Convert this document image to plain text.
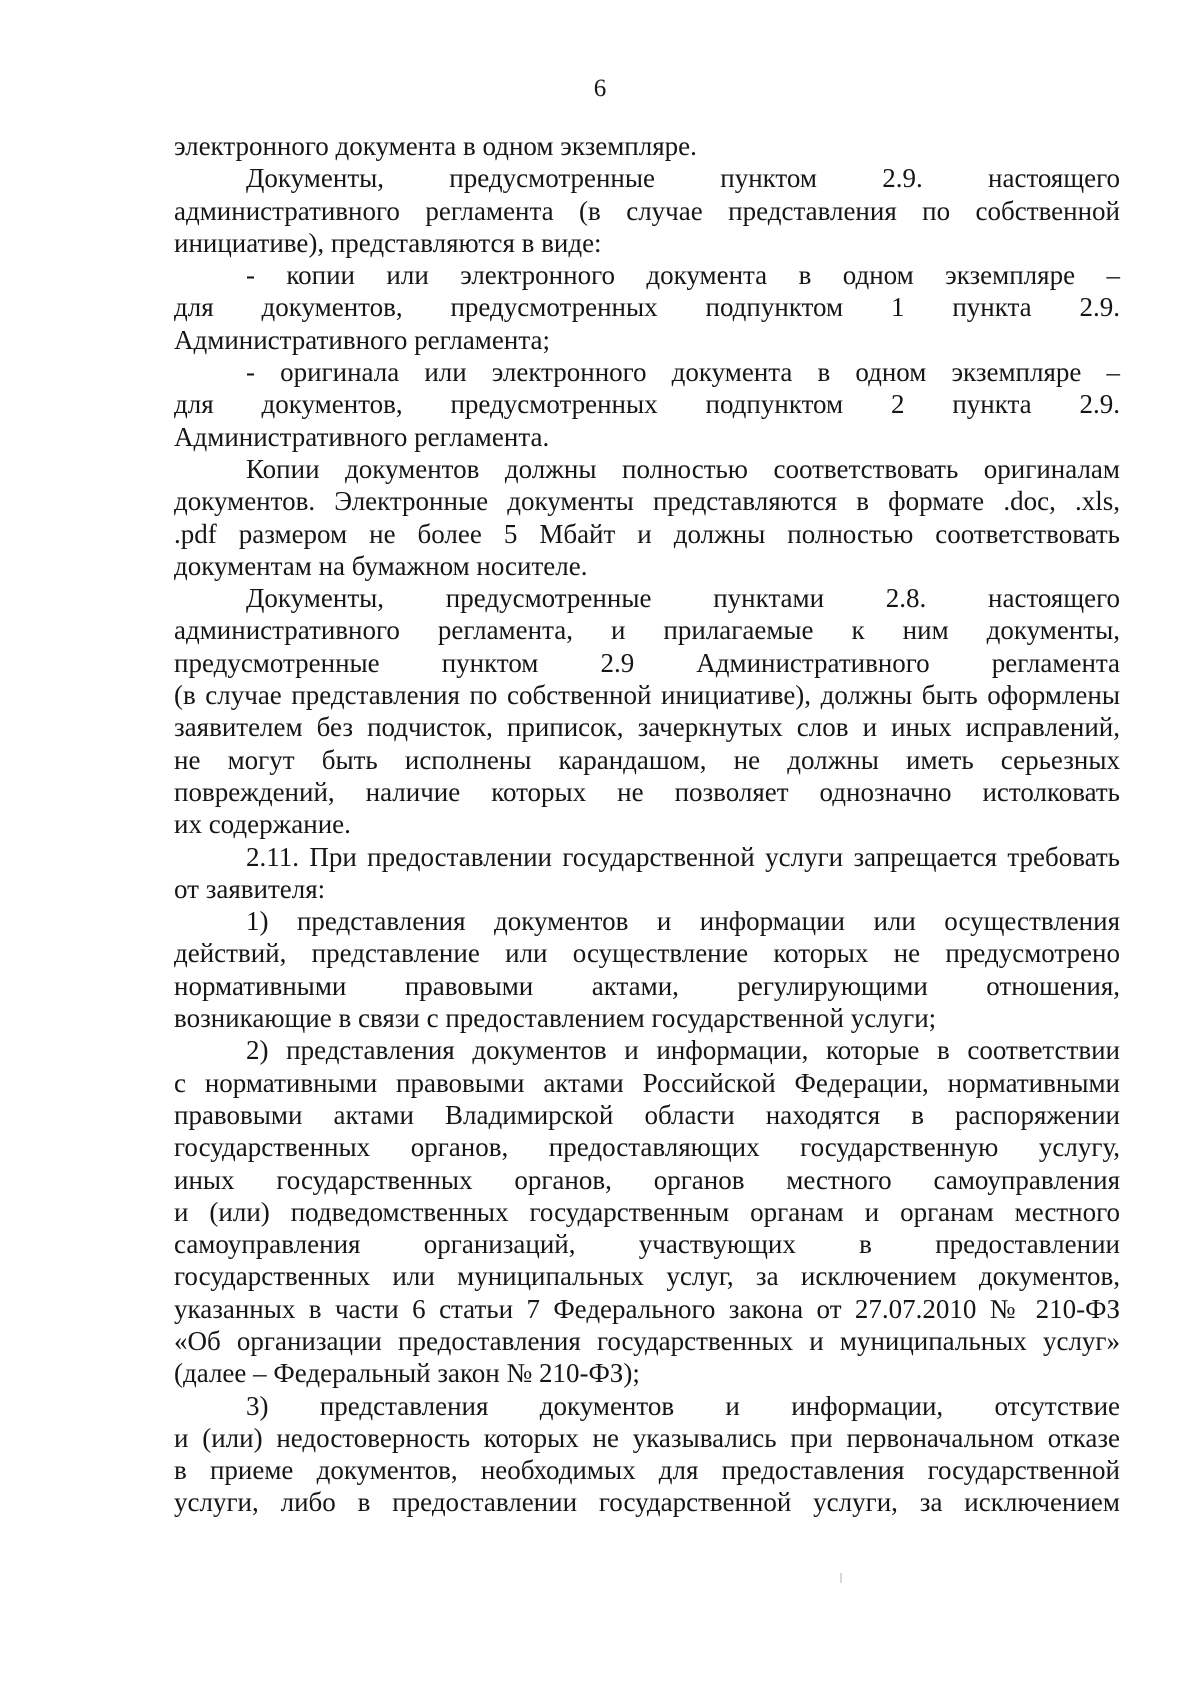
6
электронного документа в одном экземпляре.
Документы, предусмотренные пунктом 2.9. настоящего
административного регламента (в случае представления по собственной
инициативе), представляются в виде:
- копии или электронного документа в одном экземпляре –
для документов, предусмотренных подпунктом 1 пункта 2.9.
Административного регламента;
- оригинала или электронного документа в одном экземпляре –
для документов, предусмотренных подпунктом 2 пункта 2.9.
Административного регламента.
Копии документов должны полностью соответствовать оригиналам
документов. Электронные документы представляются в формате .doc, .xls,
.pdf размером не более 5 Мбайт и должны полностью соответствовать
документам на бумажном носителе.
Документы, предусмотренные пунктами 2.8. настоящего
административного регламента, и прилагаемые к ним документы,
предусмотренные пунктом 2.9 Административного регламента
(в случае представления по собственной инициативе), должны быть оформлены
заявителем без подчисток, приписок, зачеркнутых слов и иных исправлений,
не могут быть исполнены карандашом, не должны иметь серьезных
повреждений, наличие которых не позволяет однозначно истолковать
их содержание.
2.11. При предоставлении государственной услуги запрещается требовать
от заявителя:
1) представления документов и информации или осуществления
действий, представление или осуществление которых не предусмотрено
нормативными правовыми актами, регулирующими отношения,
возникающие в связи с предоставлением государственной услуги;
2) представления документов и информации, которые в соответствии
с нормативными правовыми актами Российской Федерации, нормативными
правовыми актами Владимирской области находятся в распоряжении
государственных органов, предоставляющих государственную услугу,
иных государственных органов, органов местного самоуправления
и (или) подведомственных государственным органам и органам местного
самоуправления организаций, участвующих в предоставлении
государственных или муниципальных услуг, за исключением документов,
указанных в части 6 статьи 7 Федерального закона от 27.07.2010 № 210-ФЗ
«Об организации предоставления государственных и муниципальных услуг»
(далее – Федеральный закон № 210-ФЗ);
3) представления документов и информации, отсутствие
и (или) недостоверность которых не указывались при первоначальном отказе
в приеме документов, необходимых для предоставления государственной
услуги, либо в предоставлении государственной услуги, за исключением
